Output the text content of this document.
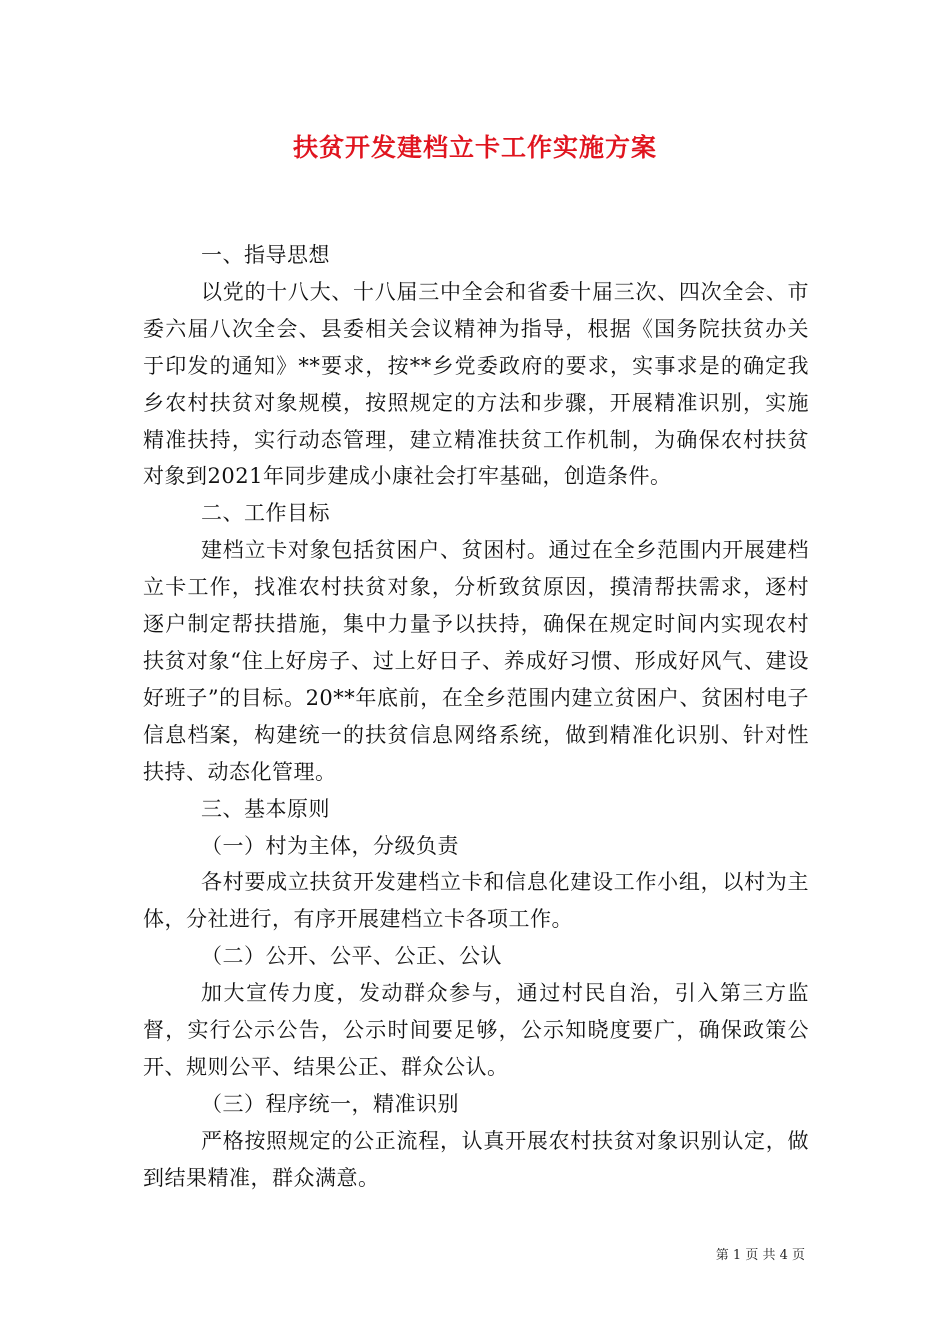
扶贫开发建档立卡工作实施方案

一、指导思想

以党的十八大、十八届三中全会和省委十届三次、四次全会、市委六届八次全会、县委相关会议精神为指导，根据《国务院扶贫办关于印发的通知》**要求，按**乡党委政府的要求，实事求是的确定我乡农村扶贫对象规模，按照规定的方法和步骤，开展精准识别，实施精准扶持，实行动态管理，建立精准扶贫工作机制，为确保农村扶贫对象到2021年同步建成小康社会打牢基础，创造条件。

二、工作目标

建档立卡对象包括贫困户、贫困村。通过在全乡范围内开展建档立卡工作，找准农村扶贫对象，分析致贫原因，摸清帮扶需求，逐村逐户制定帮扶措施，集中力量予以扶持，确保在规定时间内实现农村扶贫对象“住上好房子、过上好日子、养成好习惯、形成好风气、建设好班子”的目标。20**年底前，在全乡范围内建立贫困户、贫困村电子信息档案，构建统一的扶贫信息网络系统，做到精准化识别、针对性扶持、动态化管理。

三、基本原则

（一）村为主体，分级负责

各村要成立扶贫开发建档立卡和信息化建设工作小组，以村为主体，分社进行，有序开展建档立卡各项工作。

（二）公开、公平、公正、公认

加大宣传力度，发动群众参与，通过村民自治，引入第三方监督，实行公示公告，公示时间要足够，公示知晓度要广，确保政策公开、规则公平、结果公正、群众公认。

（三）程序统一，精准识别

严格按照规定的公正流程，认真开展农村扶贫对象识别认定，做到结果精准，群众满意。

第 1 页 共 4 页
